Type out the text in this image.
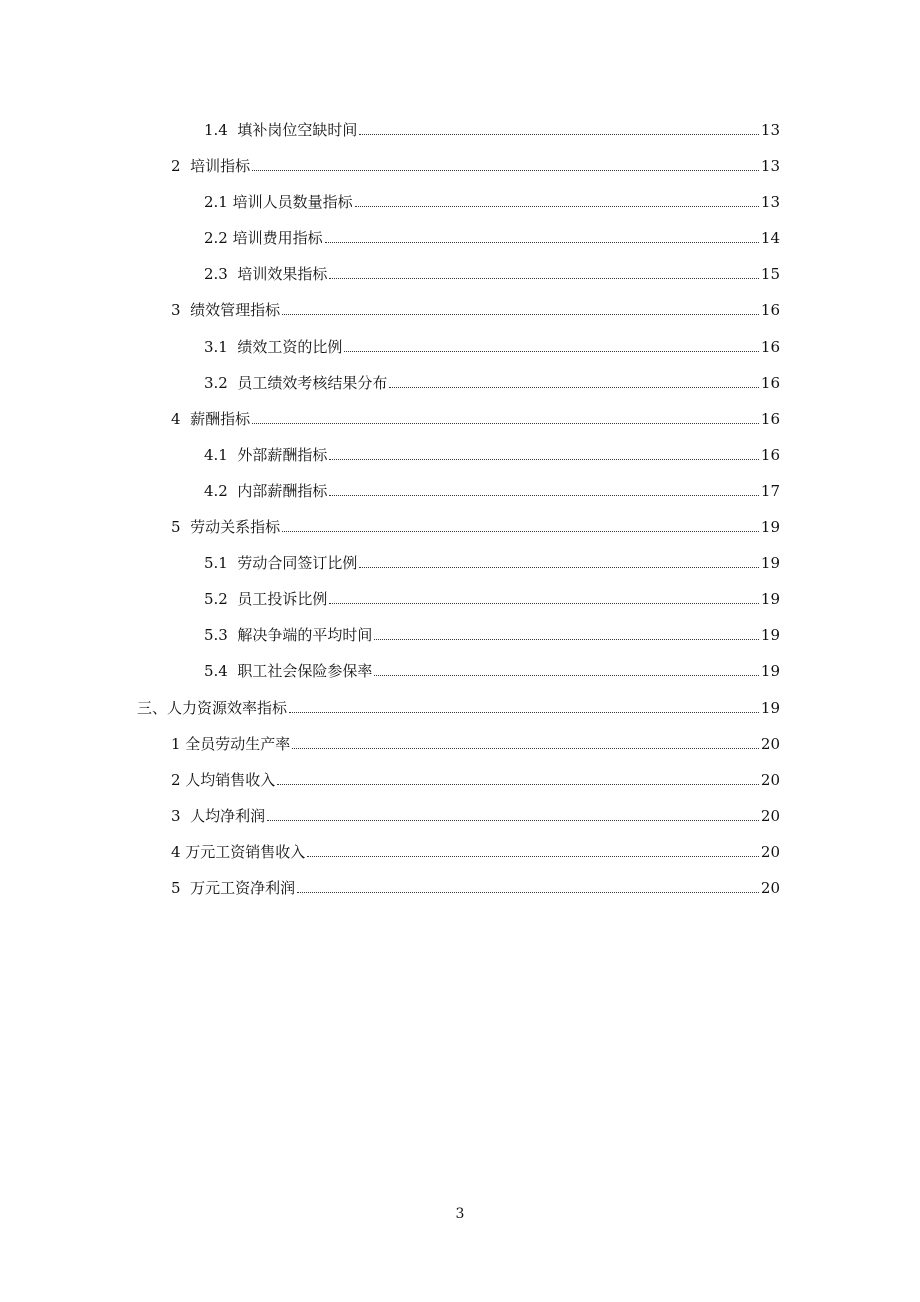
1.4  填补岗位空缺时间	13
2  培训指标	13
2.1 培训人员数量指标	13
2.2 培训费用指标	14
2.3  培训效果指标	15
3  绩效管理指标	16
3.1  绩效工资的比例	16
3.2  员工绩效考核结果分布	16
4  薪酬指标	16
4.1  外部薪酬指标	16
4.2  内部薪酬指标	17
5  劳动关系指标	19
5.1  劳动合同签订比例	19
5.2  员工投诉比例	19
5.3  解决争端的平均时间	19
5.4  职工社会保险参保率	19
三、人力资源效率指标	19
1 全员劳动生产率	20
2 人均销售收入	20
3  人均净利润	20
4 万元工资销售收入	20
5  万元工资净利润	20
3
